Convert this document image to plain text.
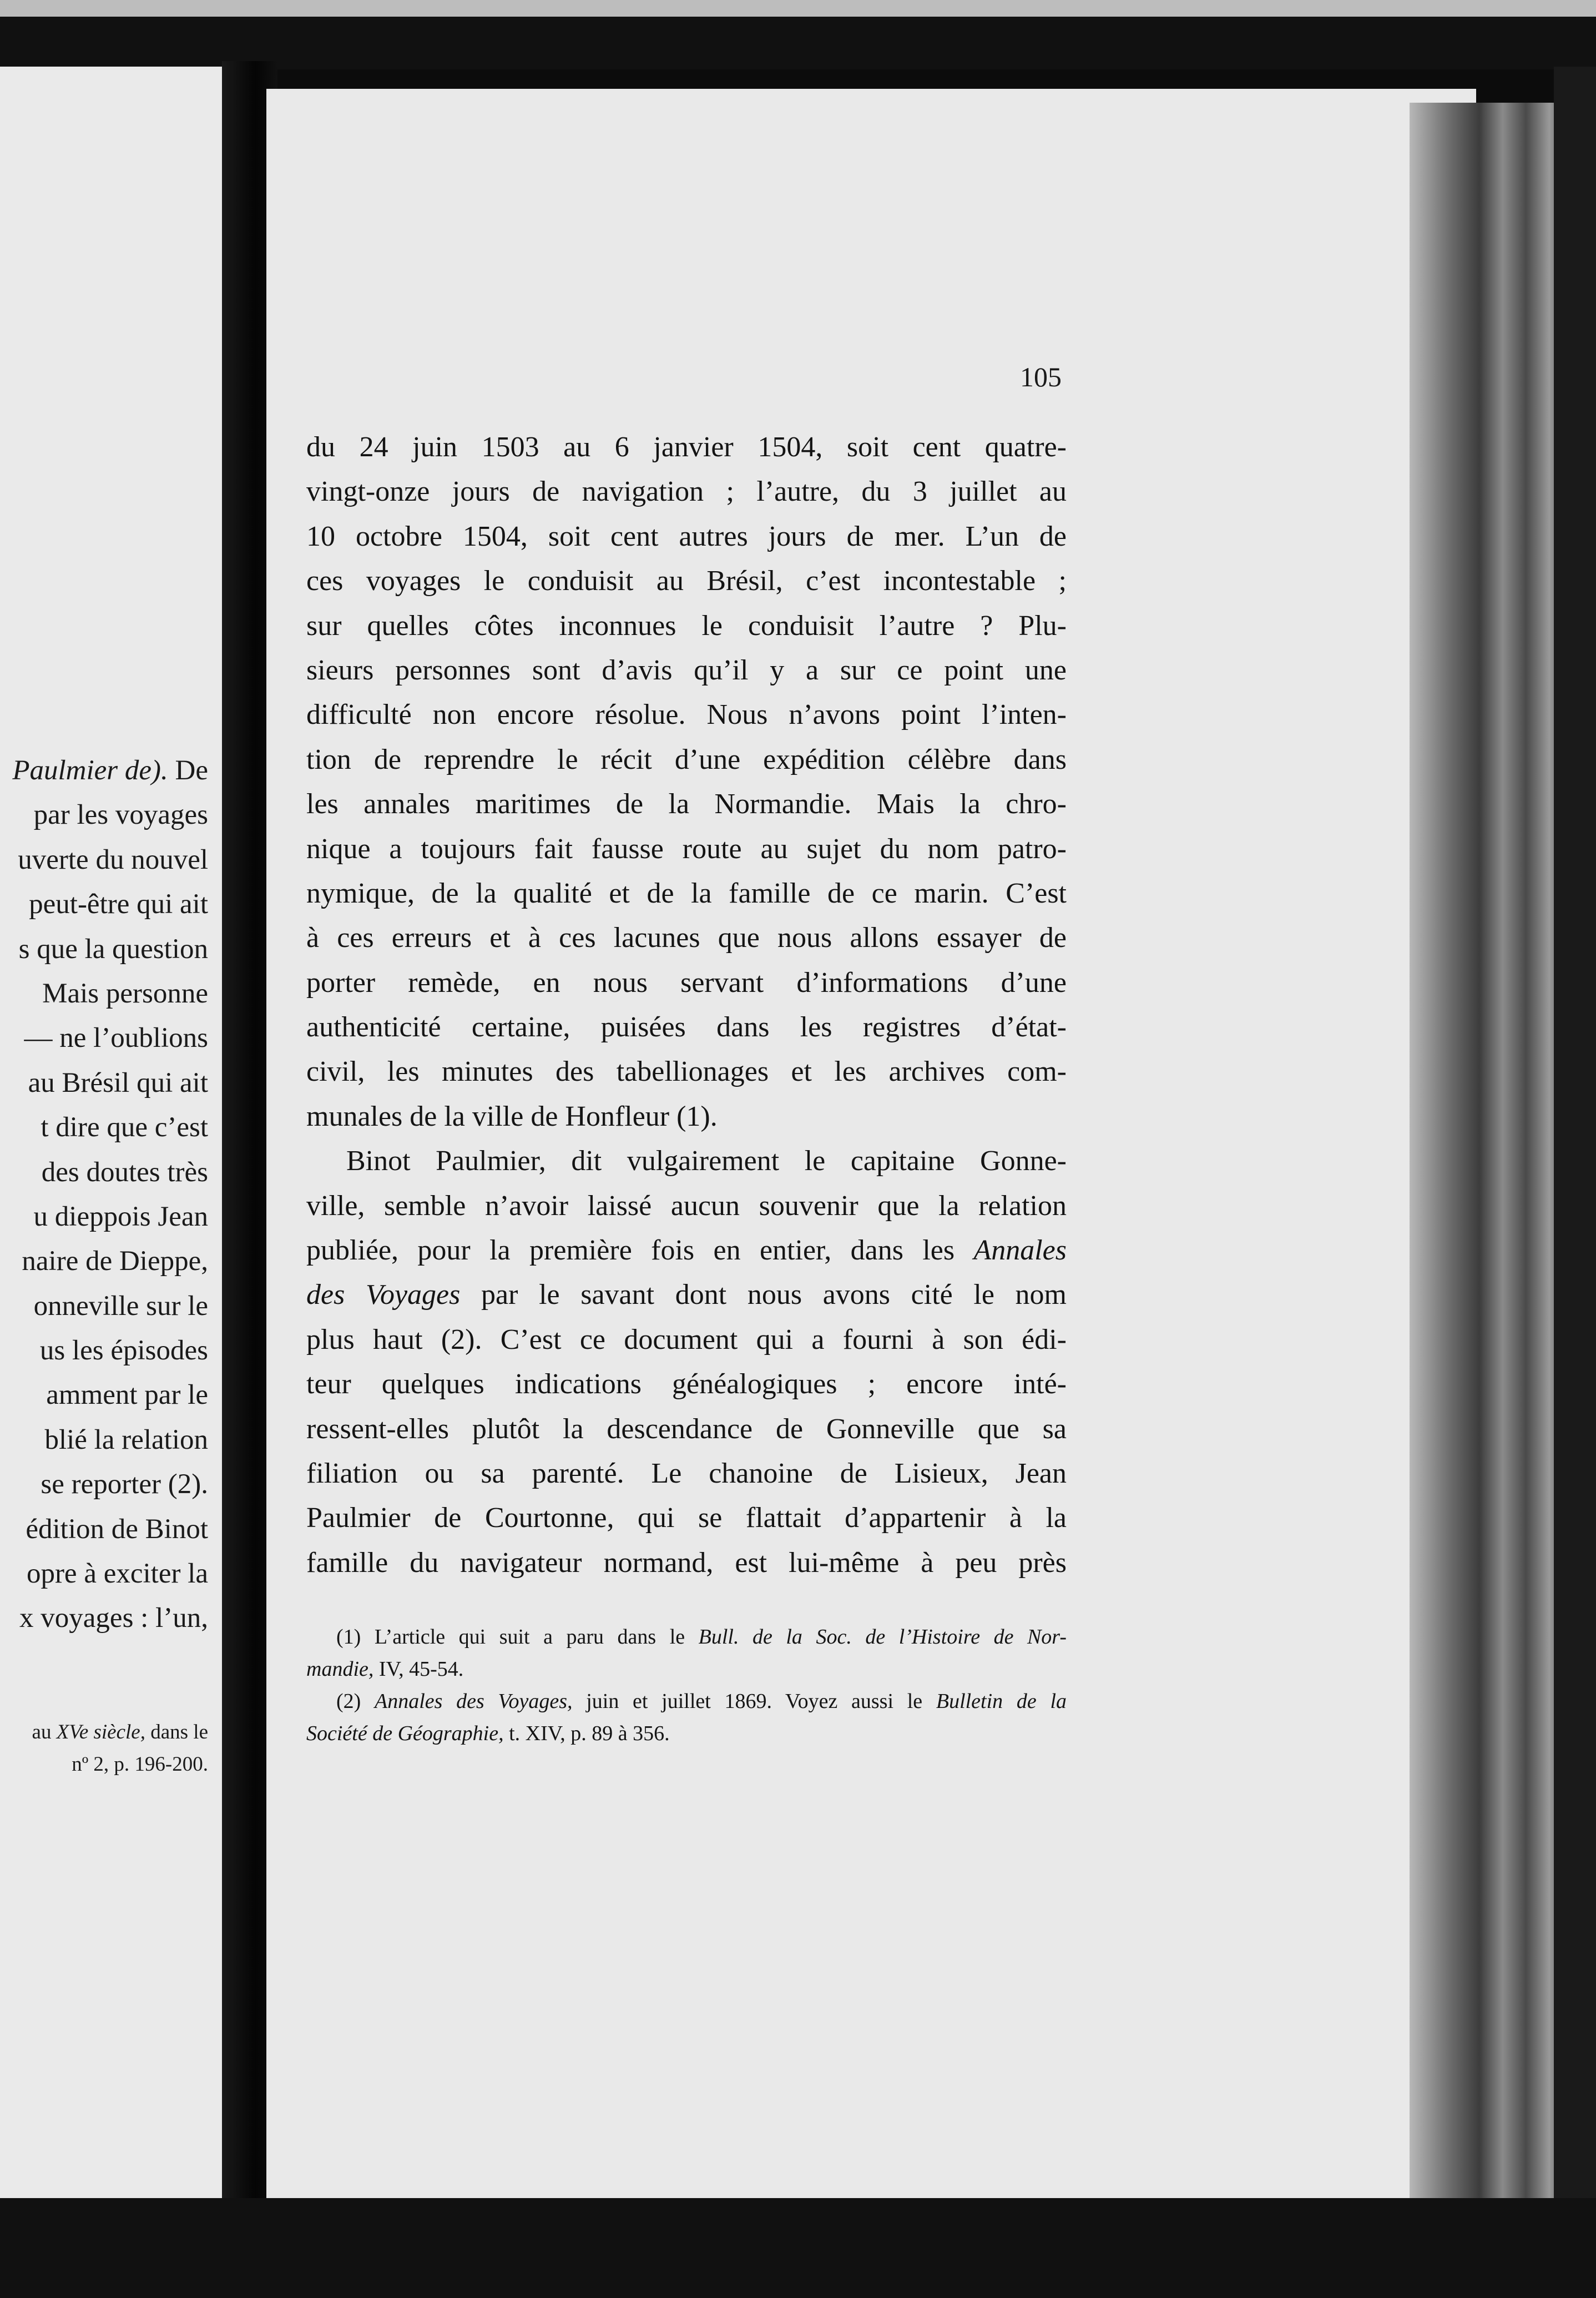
Paulmier de). De
par les voyages
uverte du nouvel
peut-être qui ait
s que la question
Mais personne
— ne l’oublions
au Brésil qui ait
t dire que c’est
des doutes très
u dieppois Jean
naire de Dieppe,
onneville sur le
us les épisodes
amment par le
blié la relation
se reporter (2).
édition de Binot
opre à exciter la
x voyages : l’un,
au XVe siècle, dans le
nº 2, p. 196-200.
105
du 24 juin 1503 au 6 janvier 1504, soit cent quatre-
vingt-onze jours de navigation ; l’autre, du 3 juillet au
10 octobre 1504, soit cent autres jours de mer. L’un de
ces voyages le conduisit au Brésil, c’est incontestable ;
sur quelles côtes inconnues le conduisit l’autre ? Plu-
sieurs personnes sont d’avis qu’il y a sur ce point une
difficulté non encore résolue. Nous n’avons point l’inten-
tion de reprendre le récit d’une expédition célèbre dans
les annales maritimes de la Normandie. Mais la chro-
nique a toujours fait fausse route au sujet du nom patro-
nymique, de la qualité et de la famille de ce marin. C’est
à ces erreurs et à ces lacunes que nous allons essayer de
porter remède, en nous servant d’informations d’une
authenticité certaine, puisées dans les registres d’état-
civil, les minutes des tabellionages et les archives com-
munales de la ville de Honfleur (1).
Binot Paulmier, dit vulgairement le capitaine Gonne-
ville, semble n’avoir laissé aucun souvenir que la relation
publiée, pour la première fois en entier, dans les Annales
des Voyages par le savant dont nous avons cité le nom
plus haut (2). C’est ce document qui a fourni à son édi-
teur quelques indications généalogiques ; encore inté-
ressent-elles plutôt la descendance de Gonneville que sa
filiation ou sa parenté. Le chanoine de Lisieux, Jean
Paulmier de Courtonne, qui se flattait d’appartenir à la
famille du navigateur normand, est lui-même à peu près
(1) L’article qui suit a paru dans le Bull. de la Soc. de l’Histoire de Nor-
mandie, IV, 45-54.
(2) Annales des Voyages, juin et juillet 1869. Voyez aussi le Bulletin de la
Société de Géographie, t. XIV, p. 89 à 356.
